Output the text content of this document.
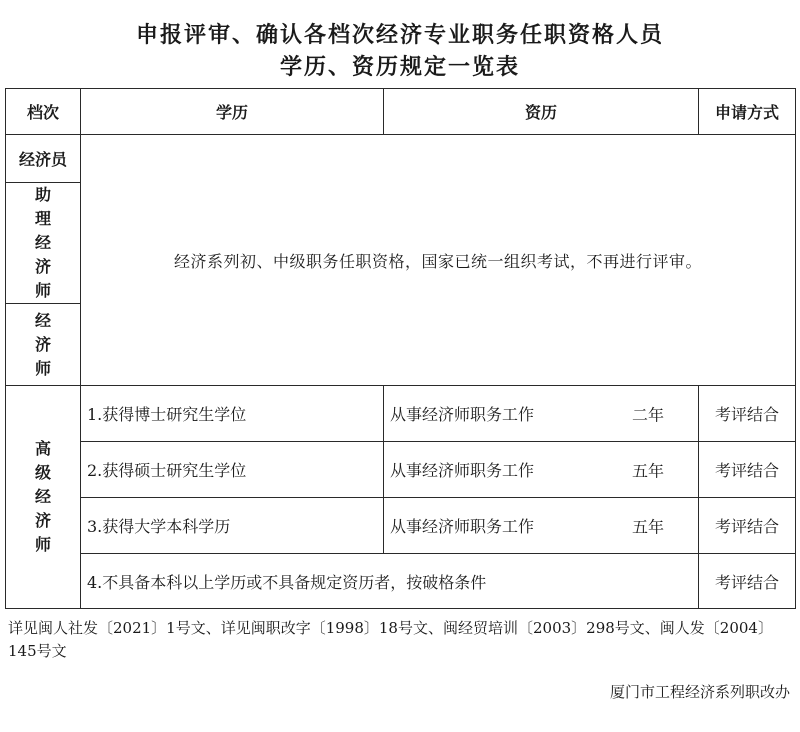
申报评审、确认各档次经济专业职务任职资格人员
学历、资历规定一览表
档次	学历	资历	申请方式
经济员	经济系列初、中级职务任职资格，国家已统一组织考试，不再进行评审。		
助理经济师			
经济师			
高级经济师	1.获得博士研究生学位	从事经济师职务工作 二年	考评结合
	2.获得硕士研究生学位	从事经济师职务工作 五年	考评结合
	3.获得大学本科学历	从事经济师职务工作 五年	考评结合
	4.不具备本科以上学历或不具备规定资历者，按破格条件		考评结合
详见闽人社发〔2021〕1号文、详见闽职改字〔1998〕18号文、闽经贸培训〔2003〕298号文、闽人发〔2004〕145号文
厦门市工程经济系列职改办
